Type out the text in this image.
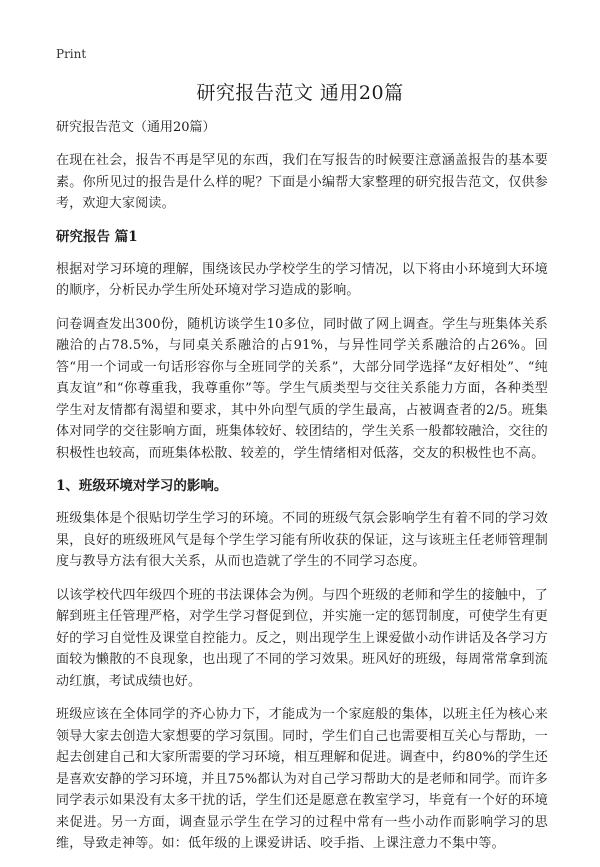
Print
研究报告范文 通用20篇
研究报告范文（通用20篇）

在现在社会，报告不再是罕见的东西，我们在写报告的时候要注意涵盖报告的基本要素。你所见过的报告是什么样的呢？下面是小编帮大家整理的研究报告范文，仅供参考，欢迎大家阅读。

研究报告 篇1

根据对学习环境的理解，围绕该民办学校学生的学习情况，以下将由小环境到大环境的顺序，分析民办学生所处环境对学习造成的影响。

问卷调查发出300份，随机访谈学生10多位，同时做了网上调查。学生与班集体关系融洽的占78.5%，与同桌关系融洽的占91%，与异性同学关系融洽的占26%。回答“用一个词或一句话形容你与全班同学的关系”，大部分同学选择“友好相处”、“纯真友谊”和“你尊重我，我尊重你”等。学生气质类型与交往关系能力方面，各种类型学生对友情都有渴望和要求，其中外向型气质的学生最高，占被调查者的2/5。班集体对同学的交往影响方面，班集体较好、较团结的，学生关系一般都较融洽，交往的积极性也较高，而班集体松散、较差的，学生情绪相对低落，交友的积极性也不高。

1、班级环境对学习的影响。

班级集体是个很贴切学生学习的环境。不同的班级气氛会影响学生有着不同的学习效果，良好的班级班风气是每个学生学习能有所收获的保证，这与该班主任老师管理制度与教导方法有很大关系，从而也造就了学生的不同学习态度。

以该学校代四年级四个班的书法课体会为例。与四个班级的老师和学生的接触中，了解到班主任管理严格，对学生学习督促到位，并实施一定的惩罚制度，可使学生有更好的学习自觉性及课堂自控能力。反之，则出现学生上课爱做小动作讲话及各学习方面较为懒散的不良现象，也出现了不同的学习效果。班风好的班级，每周常常拿到流动红旗，考试成绩也好。

班级应该在全体同学的齐心协力下，才能成为一个家庭般的集体，以班主任为核心来领导大家去创造大家想要的学习氛围。同时，学生们自己也需要相互关心与帮助，一起去创建自己和大家所需要的学习环境，相互理解和促进。调查中，约80%的学生还是喜欢安静的学习环境，并且75%都认为对自己学习帮助大的是老师和同学。而许多同学表示如果没有太多干扰的话，学生们还是愿意在教室学习，毕竟有一个好的环境来促进。另一方面，调查显示学生在学习的过程中常有一些小动作而影响学习的思维，导致走神等。如：低年级的上课爱讲话、咬手指、上课注意力不集中等。
